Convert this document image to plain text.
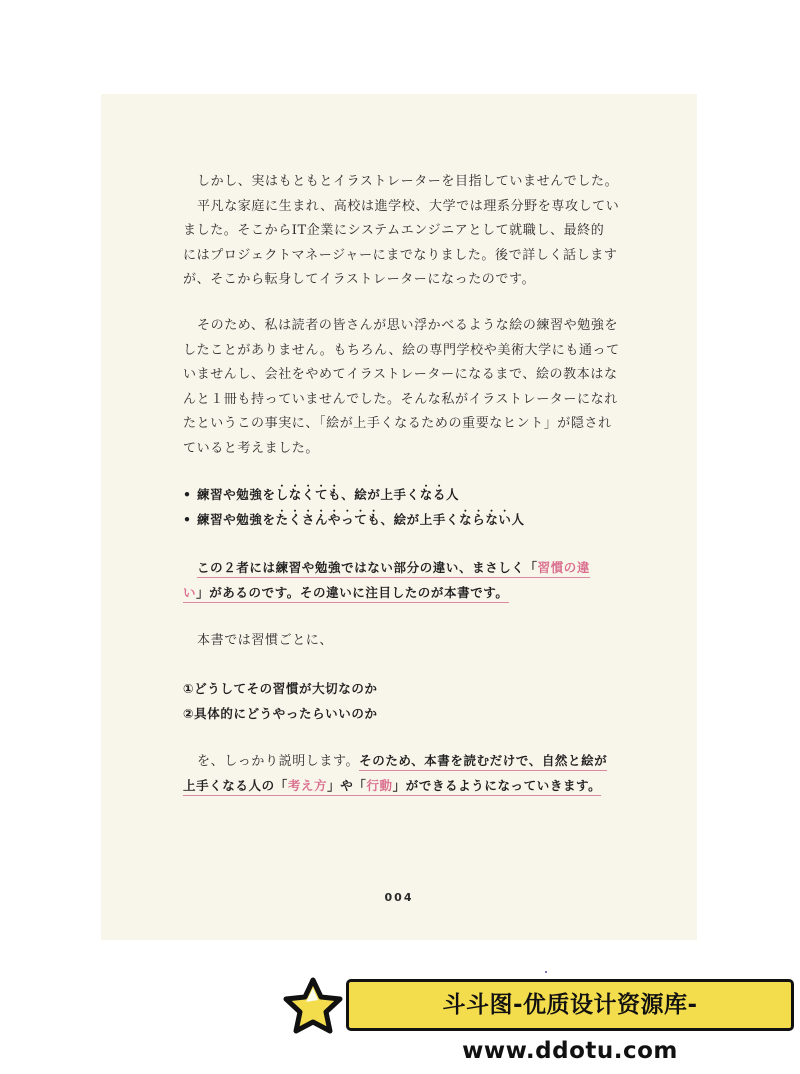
しかし、実はもともとイラストレーターを目指していませんでした。
平凡な家庭に生まれ、高校は進学校、大学では理系分野を専攻してい
ました。そこからIT企業にシステムエンジニアとして就職し、最終的
にはプロジェクトマネージャーにまでなりました。後で詳しく話します
が、そこから転身してイラストレーターになったのです。
そのため、私は読者の皆さんが思い浮かべるような絵の練習や勉強を
したことがありません。もちろん、絵の専門学校や美術大学にも通って
いませんし、会社をやめてイラストレーターになるまで、絵の教本はな
んと１冊も持っていませんでした。そんな私がイラストレーターになれ
たというこの事実に、「絵が上手くなるための重要なヒント」が隠され
ていると考えました。
• 練習や勉強を・ し・ な・ く・ て・ も、絵が上手く・ な・ る人
• 練習や勉強を・ た・ く・ さ・ ん・ や・ っ・ て・ も、絵が上手く・ な・ ら・ な・ い人
この２者には練習や勉強ではない部分の違い、まさしく「習慣の違
い」があるのです。その違いに注目したのが本書です。
本書では習慣ごとに、
①どうしてその習慣が大切なのか
②具体的にどうやったらいいのか
を、しっかり説明します。そのため、本書を読むだけで、自然と絵が
上手くなる人の「考え方」や「行動」ができるようになっていきます。
004
斗斗图-优质设计资源库-www.ddotu.com
